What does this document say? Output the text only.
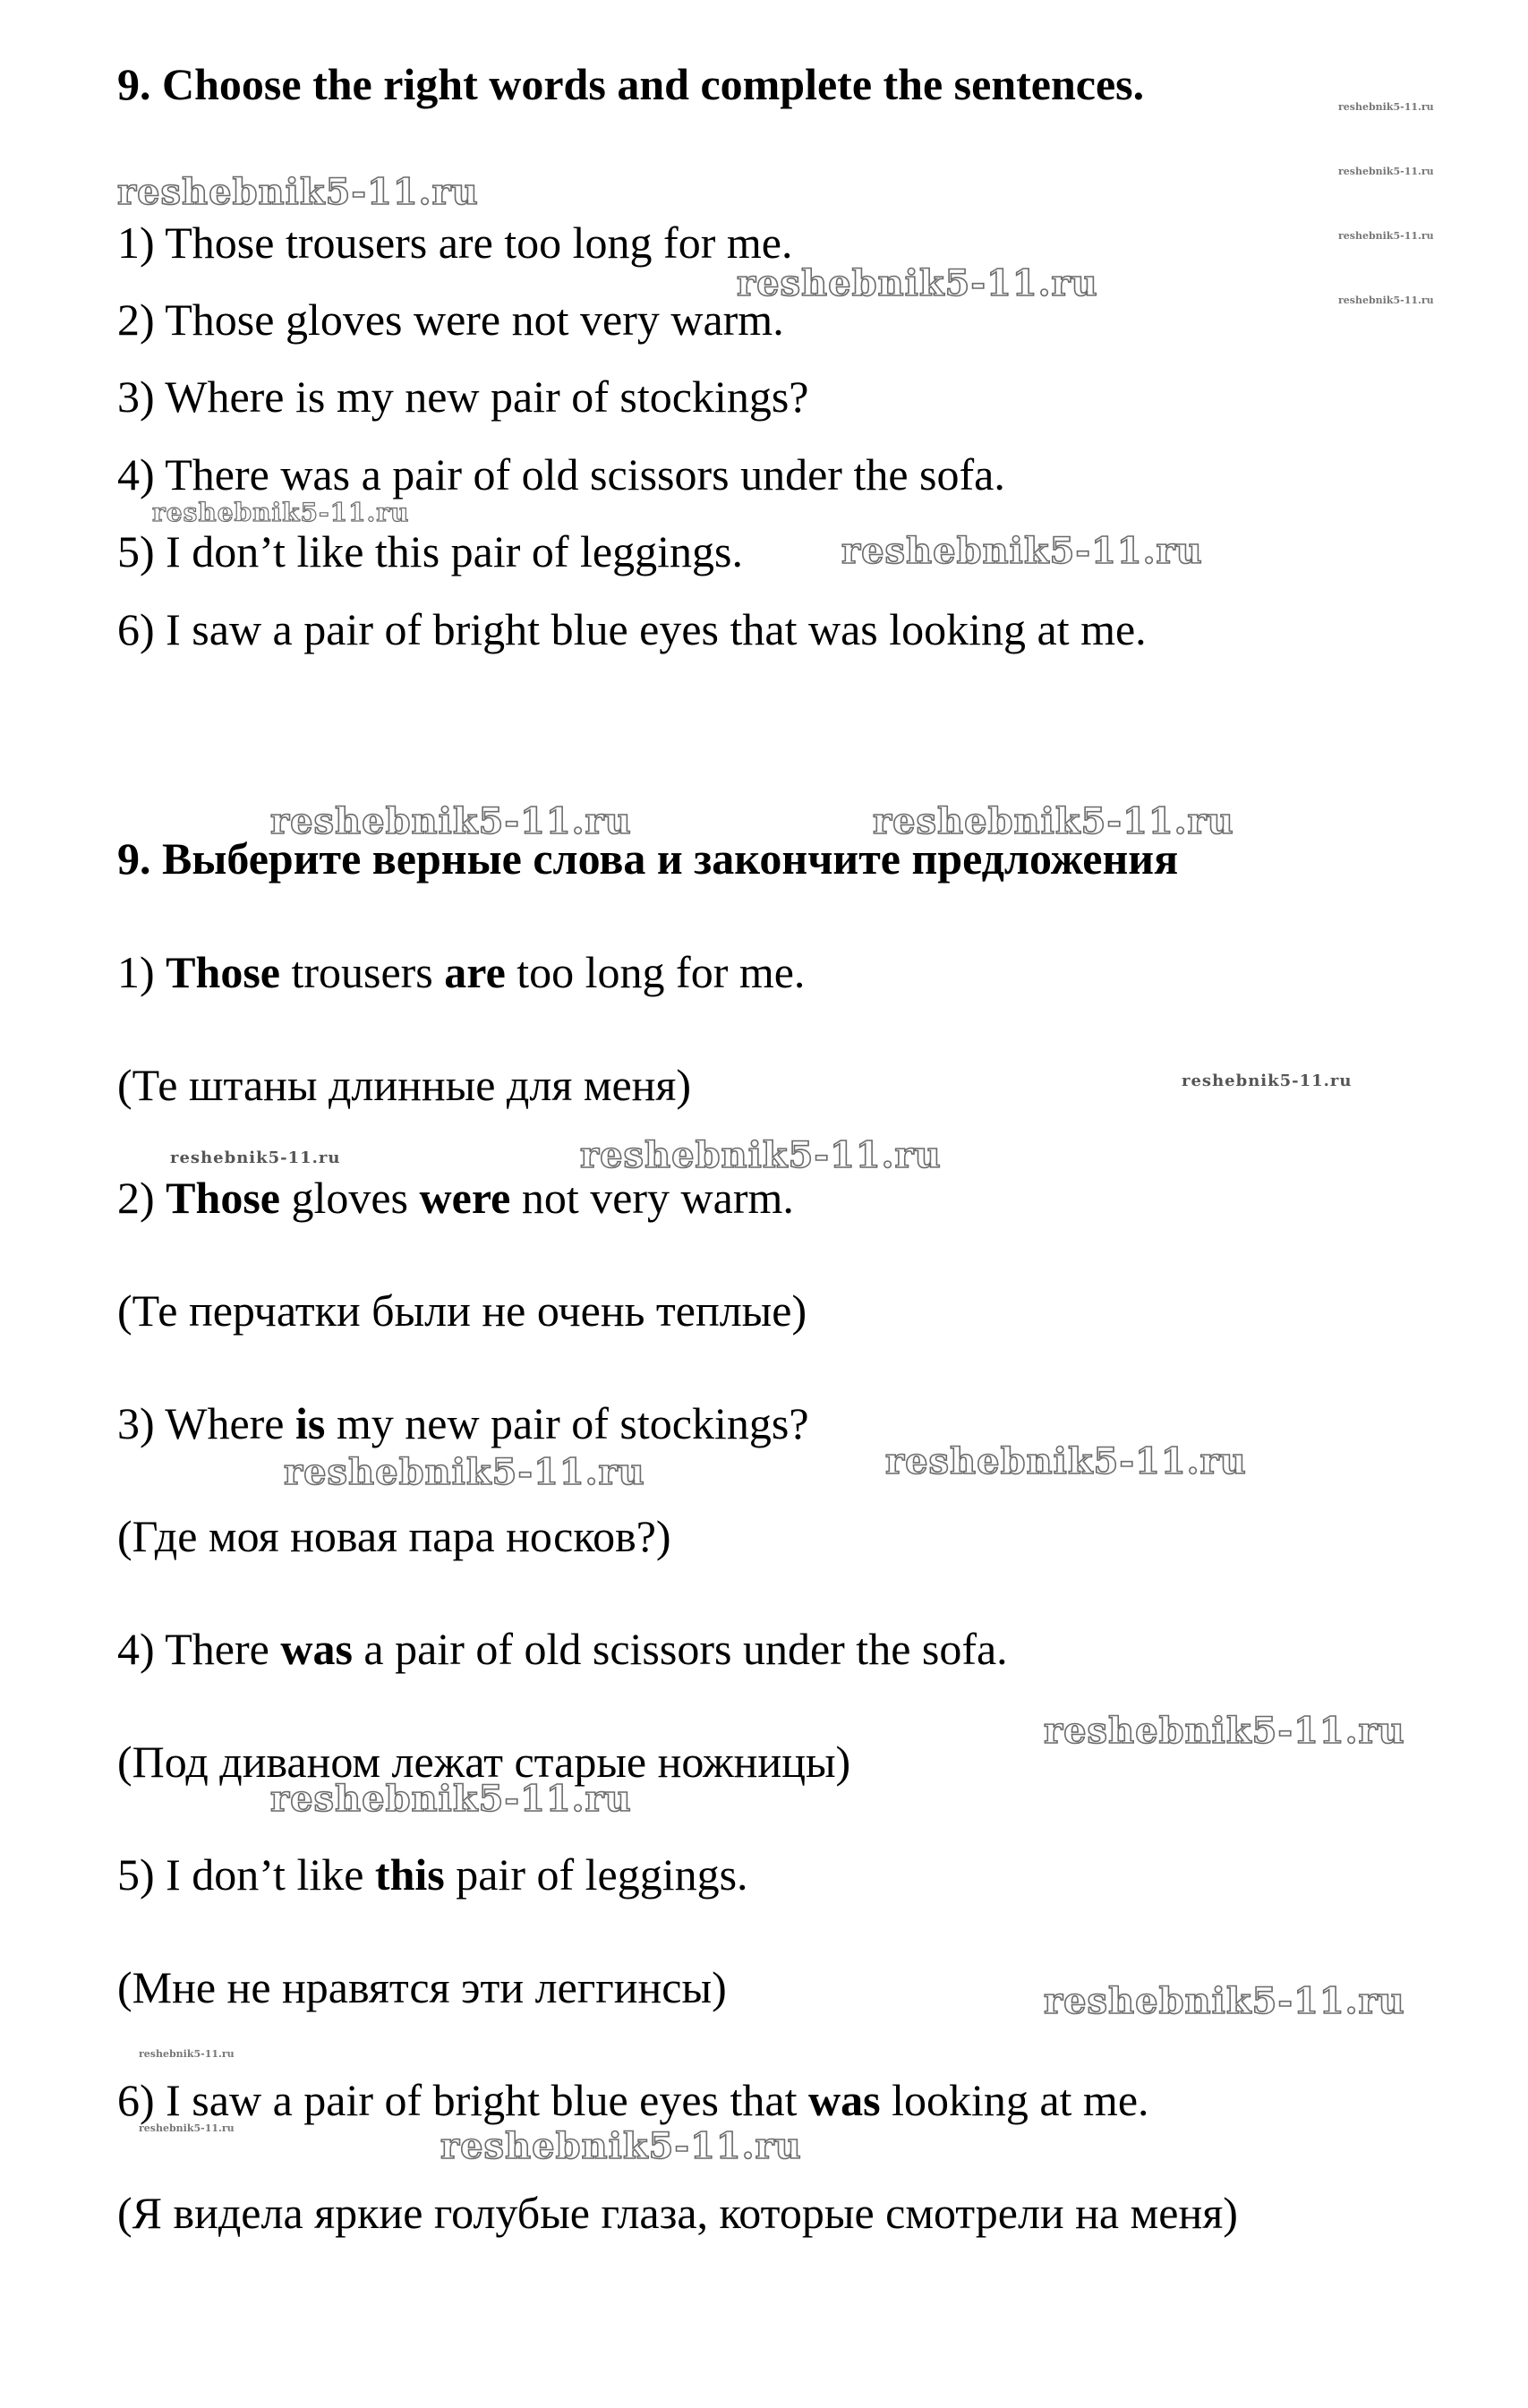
9. Choose the right words and complete the sentences.
1) Those trousers are too long for me.
2) Those gloves were not very warm.
3) Where is my new pair of stockings?
4) There was a pair of old scissors under the sofa.
5) I don’t like this pair of leggings.
6) I saw a pair of bright blue eyes that was looking at me.
9. Выберите верные слова и закончите предложения
1) Those trousers are too long for me.
(Те штаны длинные для меня)
2) Those gloves were not very warm.
(Те перчатки были не очень теплые)
3) Where is my new pair of stockings?
(Где моя новая пара носков?)
4) There was a pair of old scissors under the sofa.
(Под диваном лежат старые ножницы)
5) I don’t like this pair of leggings.
(Мне не нравятся эти леггинсы)
6) I saw a pair of bright blue eyes that was looking at me.
(Я видела яркие голубые глаза, которые смотрели на меня)
reshebnik5-11.ru
reshebnik5-11.ru
reshebnik5-11.ru
reshebnik5-11.ru
reshebnik5-11.ru
reshebnik5-11.ru
reshebnik5-11.ru
reshebnik5-11.ru
reshebnik5-11.ru	reshebnik5-11.ru
reshebnik5-11.ru
reshebnik5-11.ru	reshebnik5-11.ru
reshebnik5-11.ru
reshebnik5-11.ru
reshebnik5-11.ru
reshebnik5-11.ru
reshebnik5-11.ru
reshebnik5-11.ru
reshebnik5-11.ru	reshebnik5-11.ru
